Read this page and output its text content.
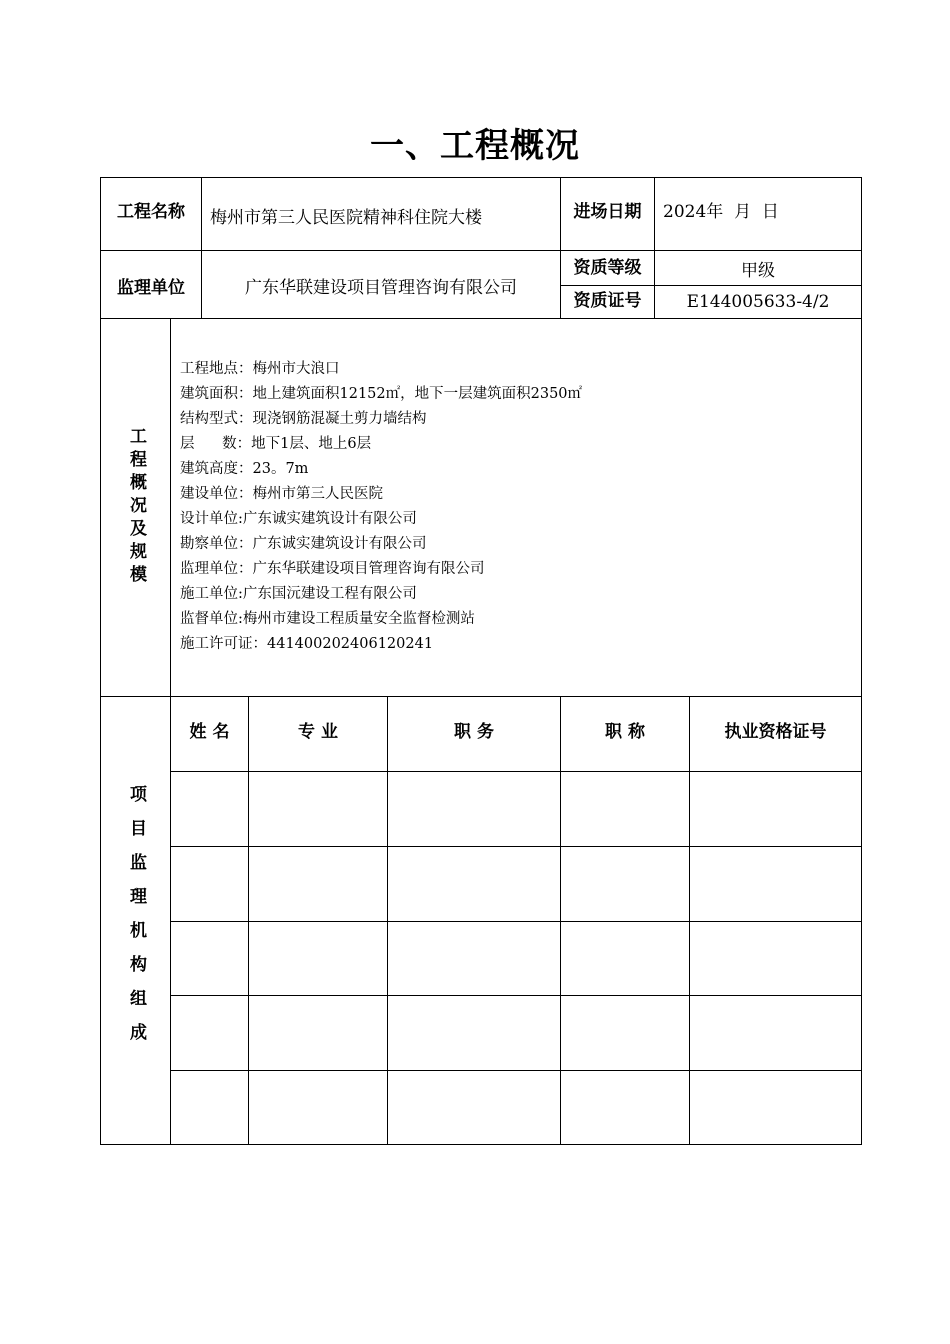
一、工程概况
工程名称	梅州市第三人民医院精神科住院大楼	进场日期	2024年  月  日
监理单位	广东华联建设项目管理咨询有限公司
资质等级	甲级
资质证号	E144005633-4/2
工程概况及规模
工程地点：梅州市大浪口
建筑面积：地上建筑面积12152㎡，地下一层建筑面积2350㎡
结构型式：现浇钢筋混凝土剪力墙结构
层      数：地下1层、地上6层
建筑高度：23。7m
建设单位：梅州市第三人民医院
设计单位:广东诚实建筑设计有限公司
勘察单位：广东诚实建筑设计有限公司
监理单位：广东华联建设项目管理咨询有限公司
施工单位:广东国沅建设工程有限公司
监督单位:梅州市建设工程质量安全监督检测站
施工许可证：441400202406120241
项目监理机构组成
姓 名	专 业	职 务	职 称	执业资格证号
